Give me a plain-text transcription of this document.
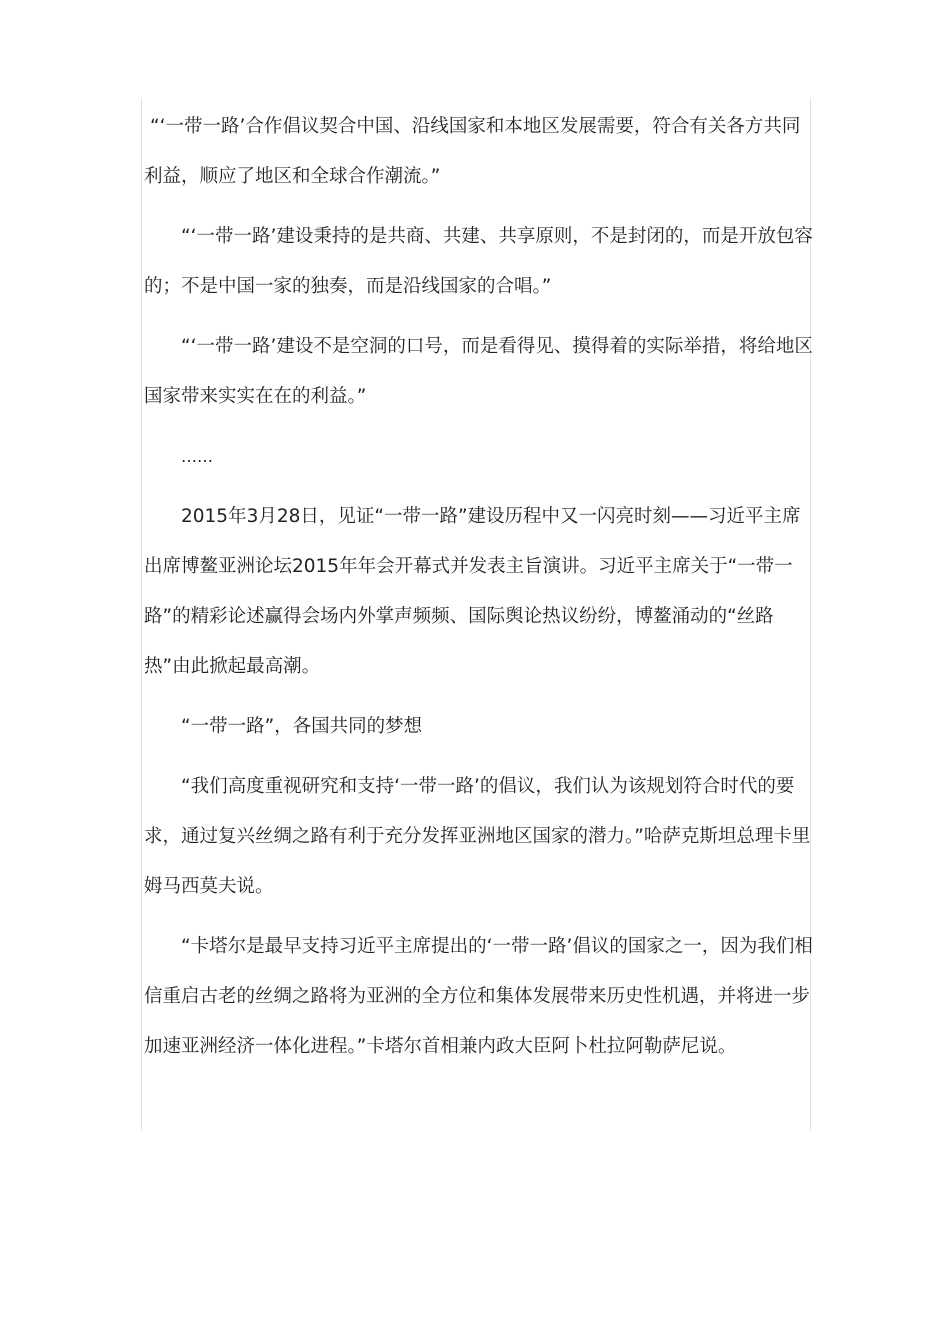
“‘一带一路’合作倡议契合中国、沿线国家和本地区发展需要，符合有关各方共同利益，顺应了地区和全球合作潮流。”

“‘一带一路’建设秉持的是共商、共建、共享原则，不是封闭的，而是开放包容的；不是中国一家的独奏，而是沿线国家的合唱。”

“‘一带一路’建设不是空洞的口号，而是看得见、摸得着的实际举措，将给地区国家带来实实在在的利益。”

……

2015年3月28日，见证“一带一路”建设历程中又一闪亮时刻——习近平主席出席博鳌亚洲论坛2015年年会开幕式并发表主旨演讲。习近平主席关于“一带一路”的精彩论述赢得会场内外掌声频频、国际舆论热议纷纷，博鳌涌动的“丝路热”由此掀起最高潮。

“一带一路”，各国共同的梦想

“我们高度重视研究和支持‘一带一路’的倡议，我们认为该规划符合时代的要求，通过复兴丝绸之路有利于充分发挥亚洲地区国家的潜力。”哈萨克斯坦总理卡里姆马西莫夫说。

“卡塔尔是最早支持习近平主席提出的‘一带一路’倡议的国家之一，因为我们相信重启古老的丝绸之路将为亚洲的全方位和集体发展带来历史性机遇，并将进一步加速亚洲经济一体化进程。”卡塔尔首相兼内政大臣阿卜杜拉阿勒萨尼说。
